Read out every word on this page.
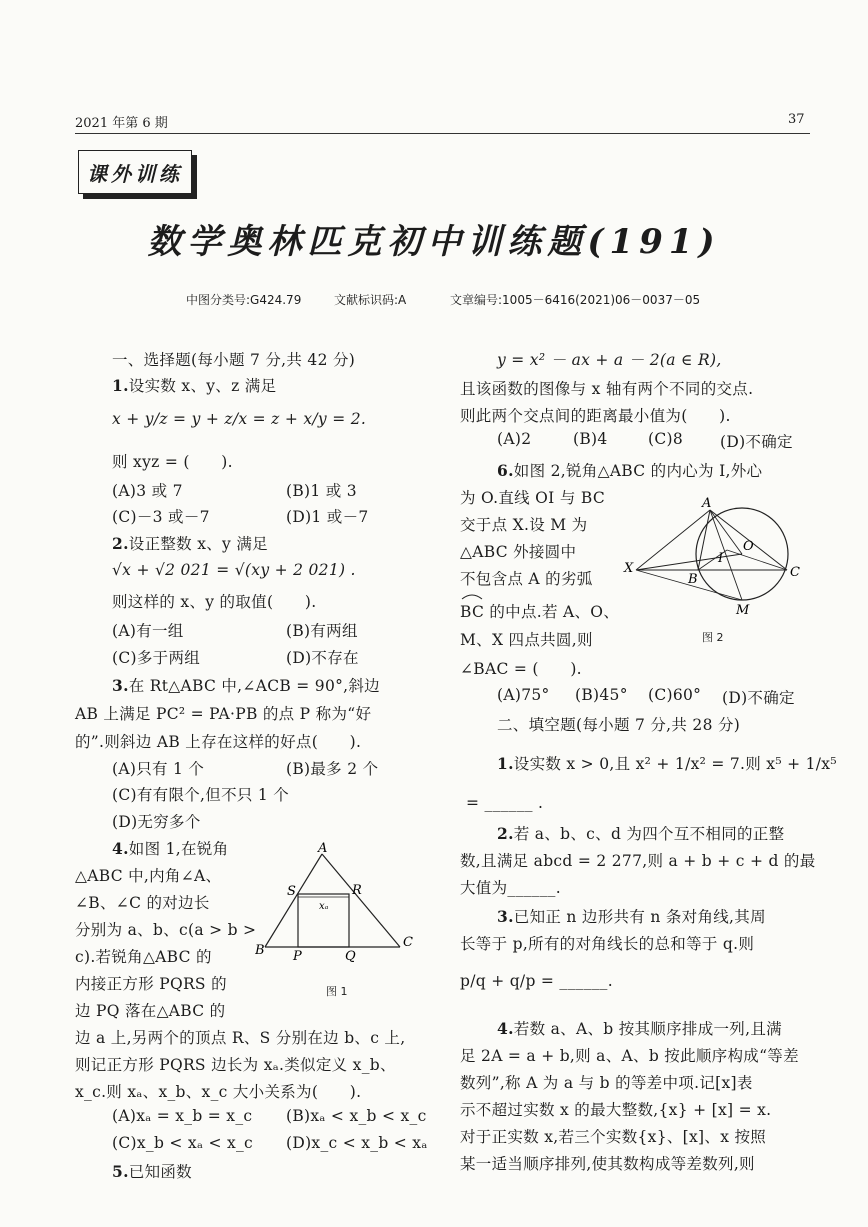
2021 年第 6 期	37
课外训练
数学奥林匹克初中训练题(191)
中图分类号:G424.79	文献标识码:A	文章编号:1005－6416(2021)06－0037－05
一、选择题(每小题 7 分,共 42 分)
1.设实数 x、y、z 满足
x + y/z = y + z/x = z + x/y = 2.
则 xyz = (　　).
(A)3 或 7	(B)1 或 3
(C)－3 或－7	(D)1 或－7
2.设正整数 x、y 满足
√x + √2 021 = √(xy + 2 021) .
则这样的 x、y 的取值(　　).
(A)有一组	(B)有两组
(C)多于两组	(D)不存在
3.在 Rt△ABC 中,∠ACB = 90°,斜边
AB 上满足 PC² = PA·PB 的点 P 称为“好
的”.则斜边 AB 上存在这样的好点(　　).
(A)只有 1 个	(B)最多 2 个
(C)有有限个,但不只 1 个
(D)无穷多个
4.如图 1,在锐角
△ABC 中,内角∠A、
∠B、∠C 的对边长
分别为 a、b、c(a > b >
c).若锐角△ABC 的
内接正方形 PQRS 的
边 PQ 落在△ABC 的
边 a 上,另两个的顶点 R、S 分别在边 b、c 上,
则记正方形 PQRS 边长为 xₐ.类似定义 x_b、
x_c.则 xₐ、x_b、x_c 大小关系为(　　).
(A)xₐ = x_b = x_c (B)xₐ < x_b < x_c
(C)x_b < xₐ < x_c (D)x_c < x_b < xₐ
5.已知函数
A
B
C
P	Q
R
S
xₐ
图 1
y = x² － ax + a － 2(a ∈ R),
且该函数的图像与 x 轴有两个不同的交点.
则此两个交点间的距离最小值为(　　).
(A)2	(B)4	(C)8 (D)不确定
6.如图 2,锐角△ABC 的内心为 I,外心
为 O.直线 OI 与 BC
交于点 X.设 M 为
△ABC 外接圆中
不包含点 A 的劣弧
BC 的中点.若 A、O、
M、X 四点共圆,则
∠BAC = (　　).
(A)75° (B)45° (C)60° (D)不确定
A
B	C
I
O
M
X
图 2
二、填空题(每小题 7 分,共 28 分)
1.设实数 x > 0,且 x² + 1/x² = 7.则 x⁵ + 1/x⁵
= ______ .
2.若 a、b、c、d 为四个互不相同的正整
数,且满足 abcd = 2 277,则 a + b + c + d 的最
大值为______.
3.已知正 n 边形共有 n 条对角线,其周
长等于 p,所有的对角线长的总和等于 q.则
p/q + q/p = ______.
4.若数 a、A、b 按其顺序排成一列,且满
足 2A = a + b,则 a、A、b 按此顺序构成“等差
数列”,称 A 为 a 与 b 的等差中项.记[x]表
示不超过实数 x 的最大整数,{x} + [x] = x.
对于正实数 x,若三个实数{x}、[x]、x 按照
某一适当顺序排列,使其数构成等差数列,则
